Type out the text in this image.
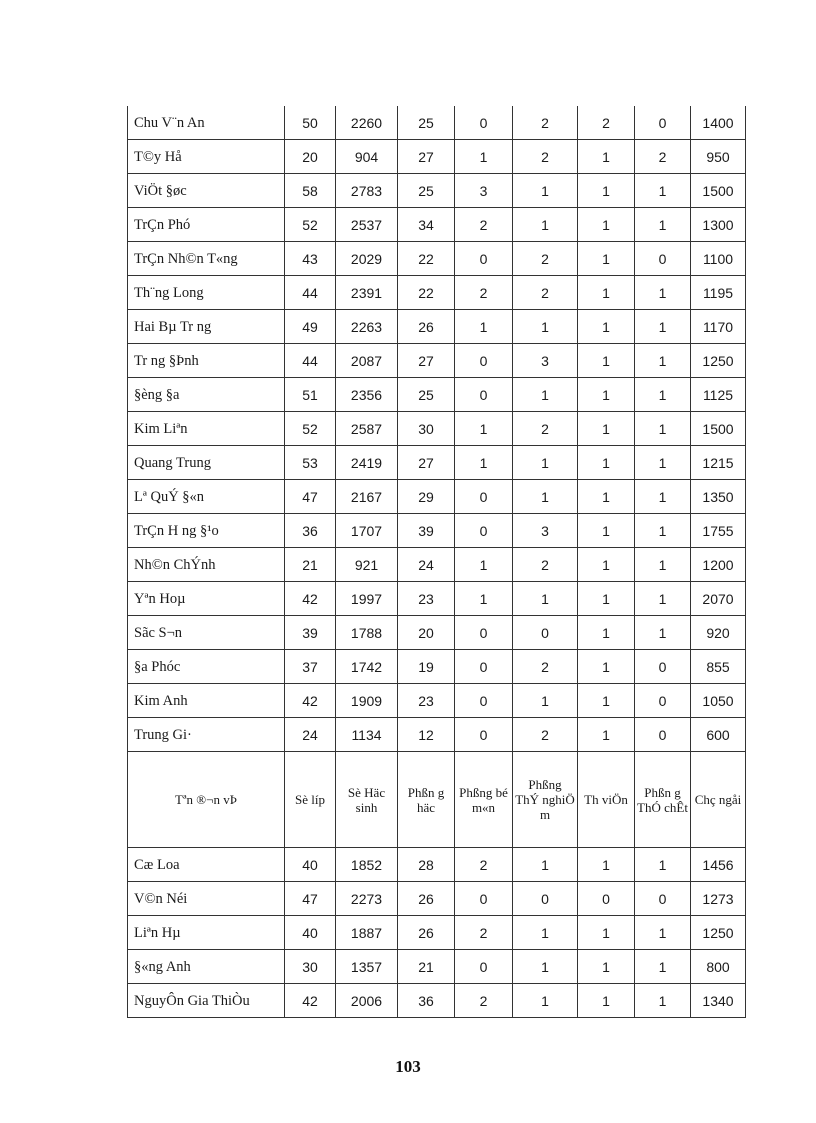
Chu V¨n An	50	2260	25	0	2	2	0	1400
T©y Hå	20	904	27	1	2	1	2	950
ViÖt §øc	58	2783	25	3	1	1	1	1500
TrÇn Phó	52	2537	34	2	1	1	1	1300
TrÇn Nh©n T«ng	43	2029	22	0	2	1	0	1100
Th¨ng Long	44	2391	22	2	2	1	1	1195
Hai Bµ Tr ng	49	2263	26	1	1	1	1	1170
Tr ng §Þnh	44	2087	27	0	3	1	1	1250
§èng §a	51	2356	25	0	1	1	1	1125
Kim Liªn	52	2587	30	1	2	1	1	1500
Quang Trung	53	2419	27	1	1	1	1	1215
Lª QuÝ §«n	47	2167	29	0	1	1	1	1350
TrÇn H ng §¹o	36	1707	39	0	3	1	1	1755
Nh©n ChÝnh	21	921	24	1	2	1	1	1200
Yªn Hoµ	42	1997	23	1	1	1	1	2070
Sãc S¬n	39	1788	20	0	0	1	1	920
§a Phóc	37	1742	19	0	2	1	0	855
Kim Anh	42	1909	23	0	1	1	0	1050
Trung Gi·	24	1134	12	0	2	1	0	600
Tªn ®¬n vÞ	Sè líp	Sè Häc sinh	Phßn g häc	Phßng bé m«n	Phßng ThÝ nghiÖ m	Th viÖn	Phßn g ThÓ chÊt	Chç ngåi
Cæ Loa	40	1852	28	2	1	1	1	1456
V©n Néi	47	2273	26	0	0	0	0	1273
Liªn Hµ	40	1887	26	2	1	1	1	1250
§«ng Anh	30	1357	21	0	1	1	1	800
NguyÔn Gia ThiÒu	42	2006	36	2	1	1	1	1340
103
